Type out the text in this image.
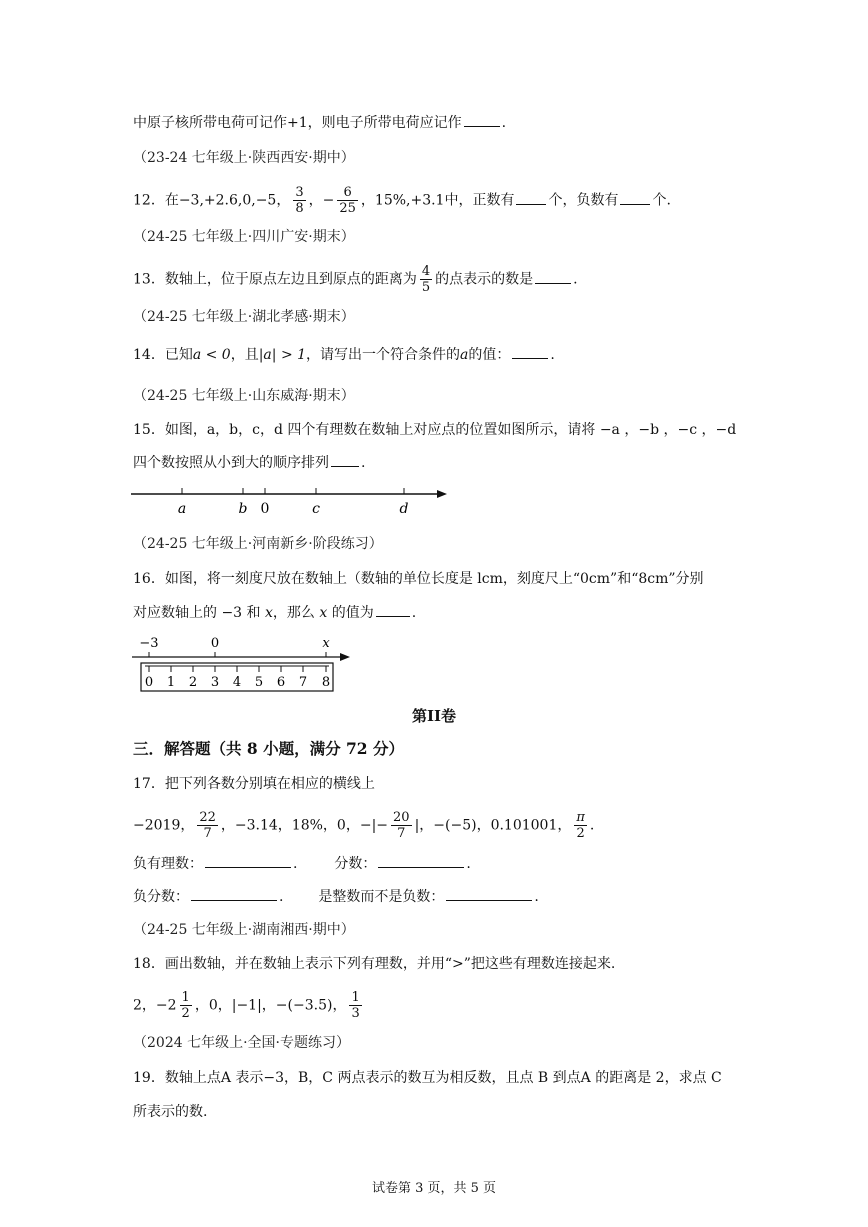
中原子核所带电荷可记作+1，则电子所带电荷应记作	.
（23-24 七年级上·陕西西安·期中）
12．在−3,+2.6,0,−5， $\frac{3}{8}$ ，− $\frac{6}{25}$ ，15%,+3.1中，正数有 个，负数有 个.
（24-25 七年级上·四川广安·期末）
13．数轴上，位于原点左边且到原点的距离为 $\frac{4}{5}$ 的点表示的数是	.
（24-25 七年级上·湖北孝感·期末）
14．已知a < 0，且|a| > 1，请写出一个符合条件的a的值：	.
（24-25 七年级上·山东威海·期末）
15．如图，a，b，c，d 四个有理数在数轴上对应点的位置如图所示，请将 −a ，−b ，−c ，−d
四个数按照从小到大的顺序排列 .
a	b 0	c	d
（24-25 七年级上·河南新乡·阶段练习）
16．如图，将一刻度尺放在数轴上（数轴的单位长度是 lcm，刻度尺上“0cm”和“8cm”分别
对应数轴上的 −3 和 x，那么 x 的值为	.
−3	0	x
0 1 2 3 4 5 6 7 8
第II卷
三．解答题（共 8 小题，满分 72 分）
17．把下列各数分别填在相应的横线上
−2019， $\frac{22}{7}$ ，−3.14，18%，0，−|− $\frac{20}{7}$ |，−(−5)，0.101001， $\frac{\pi}{2}$ .
负有理数：	.  分数：	.
负分数：	.  是整数而不是负数：	.
（24-25 七年级上·湖南湘西·期中）
18．画出数轴，并在数轴上表示下列有理数，并用“>”把这些有理数连接起来.
2，$-2 \frac{1}{2}$ ，0，|−1|，−(−3.5)， $\frac{1}{3}$
（2024 七年级上·全国·专题练习）
19．数轴上点A 表示−3，B，C 两点表示的数互为相反数，且点 B 到点A 的距离是 2，求点 C
所表示的数.
试卷第 3 页，共 5 页
